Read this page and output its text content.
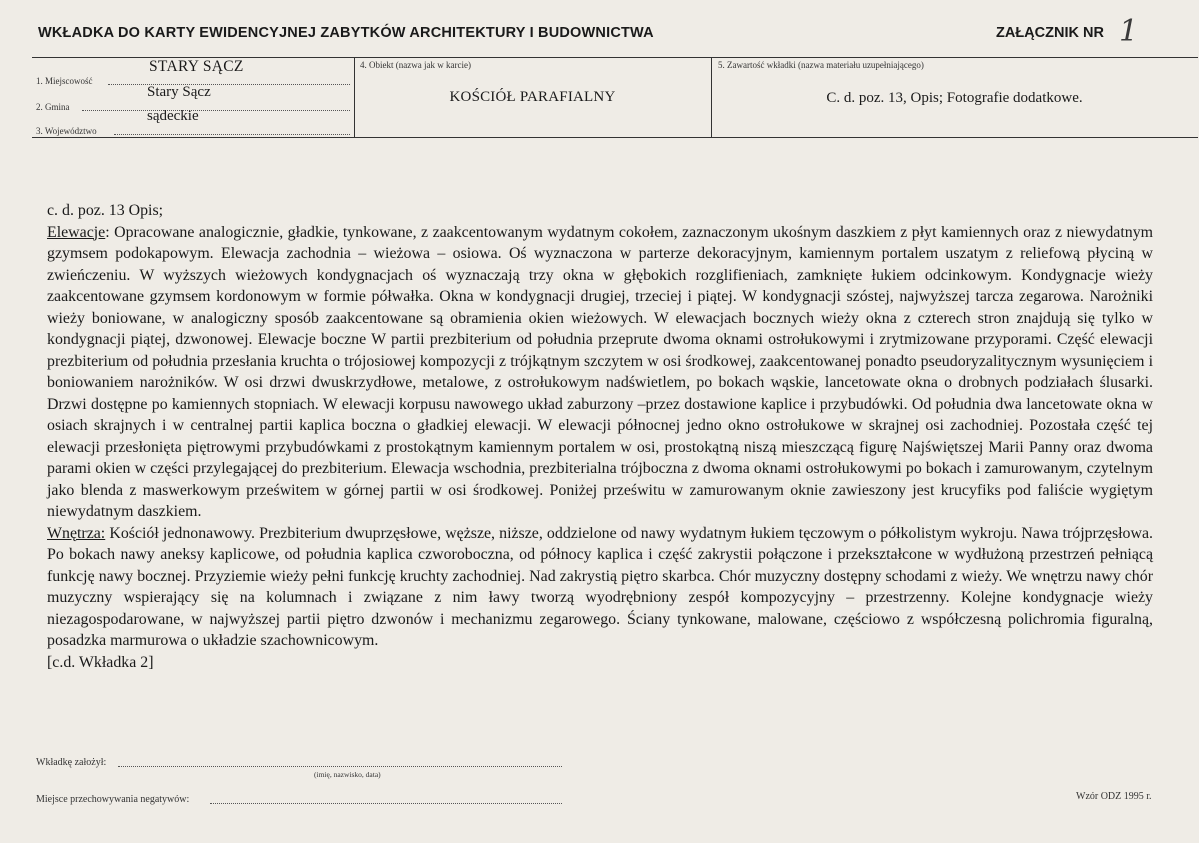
WKŁADKA DO KARTY EWIDENCYJNEJ ZABYTKÓW ARCHITEKTURY I BUDOWNICTWA	ZAŁĄCZNIK NR 1
1. Miejscowość
STARY SĄCZ
2. Gmina
Stary Sącz
3. Województwo
sądeckie
4. Obiekt (nazwa jak w karcie)
KOŚCIÓŁ PARAFIALNY
5. Zawartość wkładki (nazwa materiału uzupełniającego)
C. d. poz. 13, Opis; Fotografie dodatkowe.

c. d. poz. 13 Opis;

Elewacje: Opracowane analogicznie, gładkie, tynkowane, z zaakcentowanym wydatnym cokołem, zaznaczonym ukośnym daszkiem z płyt kamiennych oraz z niewydatnym gzymsem podokapowym. Elewacja zachodnia – wieżowa – osiowa. Oś wyznaczona w parterze dekoracyjnym, kamiennym portalem uszatym z reliefową płyciną w zwieńczeniu. W wyższych wieżowych kondygnacjach oś wyznaczają trzy okna w głębokich rozglifieniach, zamknięte łukiem odcinkowym. Kondygnacje wieży zaakcentowane gzymsem kordonowym w formie półwałka. Okna w kondygnacji drugiej, trzeciej i piątej. W kondygnacji szóstej, najwyższej tarcza zegarowa. Narożniki wieży boniowane, w analogiczny sposób zaakcentowane są obramienia okien wieżowych. W elewacjach bocznych wieży okna z czterech stron znajdują się tylko w kondygnacji piątej, dzwonowej. Elewacje boczne W partii prezbiterium od południa przeprute dwoma oknami ostrołukowymi i zrytmizowane przyporami. Część elewacji prezbiterium od południa przesłania kruchta o trójosiowej kompozycji z trójkątnym szczytem w osi środkowej, zaakcentowanej ponadto pseudoryzalitycznym wysunięciem i boniowaniem narożników. W osi drzwi dwuskrzydłowe, metalowe, z ostrołukowym nadświetlem, po bokach wąskie, lancetowate okna o drobnych podziałach ślusarki. Drzwi dostępne po kamiennych stopniach. W elewacji korpusu nawowego układ zaburzony –przez dostawione kaplice i przybudówki. Od południa dwa lancetowate okna w osiach skrajnych i w centralnej partii kaplica boczna o gładkiej elewacji. W elewacji północnej jedno okno ostrołukowe w skrajnej osi zachodniej. Pozostała część tej elewacji przesłonięta piętrowymi przybudówkami z prostokątnym kamiennym portalem w osi, prostokątną niszą mieszczącą figurę Najświętszej Marii Panny oraz dwoma parami okien w części przylegającej do prezbiterium. Elewacja wschodnia, prezbiterialna trójboczna z dwoma oknami ostrołukowymi po bokach i zamurowanym, czytelnym jako blenda z maswerkowym prześwitem w górnej partii w osi środkowej. Poniżej prześwitu w zamurowanym oknie zawieszony jest krucyfiks pod faliście wygiętym niewydatnym daszkiem.

Wnętrza: Kościół jednonawowy. Prezbiterium dwuprzęsłowe, węższe, niższe, oddzielone od nawy wydatnym łukiem tęczowym o półkolistym wykroju. Nawa trójprzęsłowa. Po bokach nawy aneksy kaplicowe, od południa kaplica czworoboczna, od północy kaplica i część zakrystii połączone i przekształcone w wydłużoną przestrzeń pełniącą funkcję nawy bocznej. Przyziemie wieży pełni funkcję kruchty zachodniej. Nad zakrystią piętro skarbca. Chór muzyczny dostępny schodami z wieży. We wnętrzu nawy chór muzyczny wspierający się na kolumnach i związane z nim ławy tworzą wyodrębniony zespół kompozycyjny – przestrzenny. Kolejne kondygnacje wieży niezagospodarowane, w najwyższej partii piętro dzwonów i mechanizmu zegarowego. Ściany tynkowane, malowane, częściowo z współczesną polichromia figuralną, posadzka marmurowa o układzie szachownicowym.

[c.d. Wkładka 2]

Wkładkę założył:
(imię, nazwisko, data)
Miejsce przechowywania negatywów:	Wzór ODZ 1995 r.
